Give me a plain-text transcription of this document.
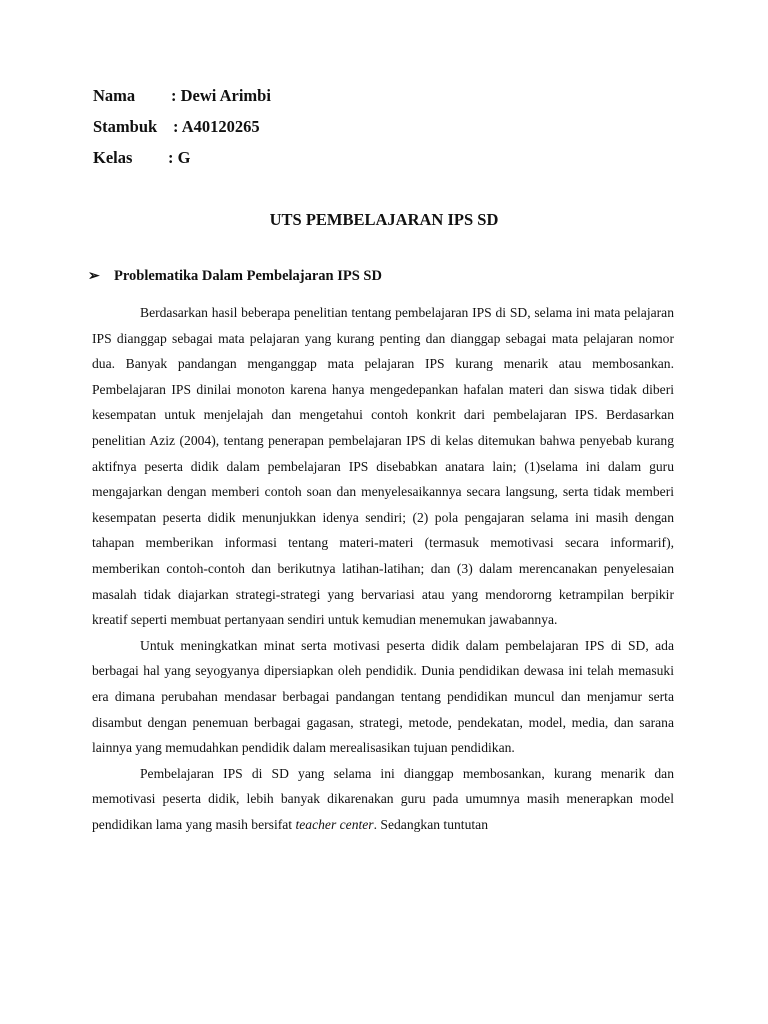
Nama : Dewi Arimbi
Stambuk : A40120265
Kelas : G
UTS PEMBELAJARAN IPS SD
➢ Problematika Dalam Pembelajaran IPS SD

Berdasarkan hasil beberapa penelitian tentang pembelajaran IPS di SD, selama ini mata pelajaran IPS dianggap sebagai mata pelajaran yang kurang penting dan dianggap sebagai mata pelajaran nomor dua. Banyak pandangan menganggap mata pelajaran IPS kurang menarik atau membosankan. Pembelajaran IPS dinilai monoton karena hanya mengedepankan hafalan materi dan siswa tidak diberi kesempatan untuk menjelajah dan mengetahui contoh konkrit dari pembelajaran IPS. Berdasarkan penelitian Aziz (2004), tentang penerapan pembelajaran IPS di kelas ditemukan bahwa penyebab kurang aktifnya peserta didik dalam pembelajaran IPS disebabkan anatara lain; (1)selama ini dalam guru mengajarkan dengan memberi contoh soan dan menyelesaikannya secara langsung, serta tidak memberi kesempatan peserta didik menunjukkan idenya sendiri; (2) pola pengajaran selama ini masih dengan tahapan memberikan informasi tentang materi-materi (termasuk memotivasi secara informarif), memberikan contoh-contoh dan berikutnya latihan-latihan; dan (3) dalam merencanakan penyelesaian masalah tidak diajarkan strategi-strategi yang bervariasi atau yang mendororng ketrampilan berpikir kreatif seperti membuat pertanyaan sendiri untuk kemudian menemukan jawabannya.

Untuk meningkatkan minat serta motivasi peserta didik dalam pembelajaran IPS di SD, ada berbagai hal yang seyogyanya dipersiapkan oleh pendidik. Dunia pendidikan dewasa ini telah memasuki era dimana perubahan mendasar berbagai pandangan tentang pendidikan muncul dan menjamur serta disambut dengan penemuan berbagai gagasan, strategi, metode, pendekatan, model, media, dan sarana lainnya yang memudahkan pendidik dalam merealisasikan tujuan pendidikan.

Pembelajaran IPS di SD yang selama ini dianggap membosankan, kurang menarik dan memotivasi peserta didik, lebih banyak dikarenakan guru pada umumnya masih menerapkan model pendidikan lama yang masih bersifat teacher center. Sedangkan tuntutan
